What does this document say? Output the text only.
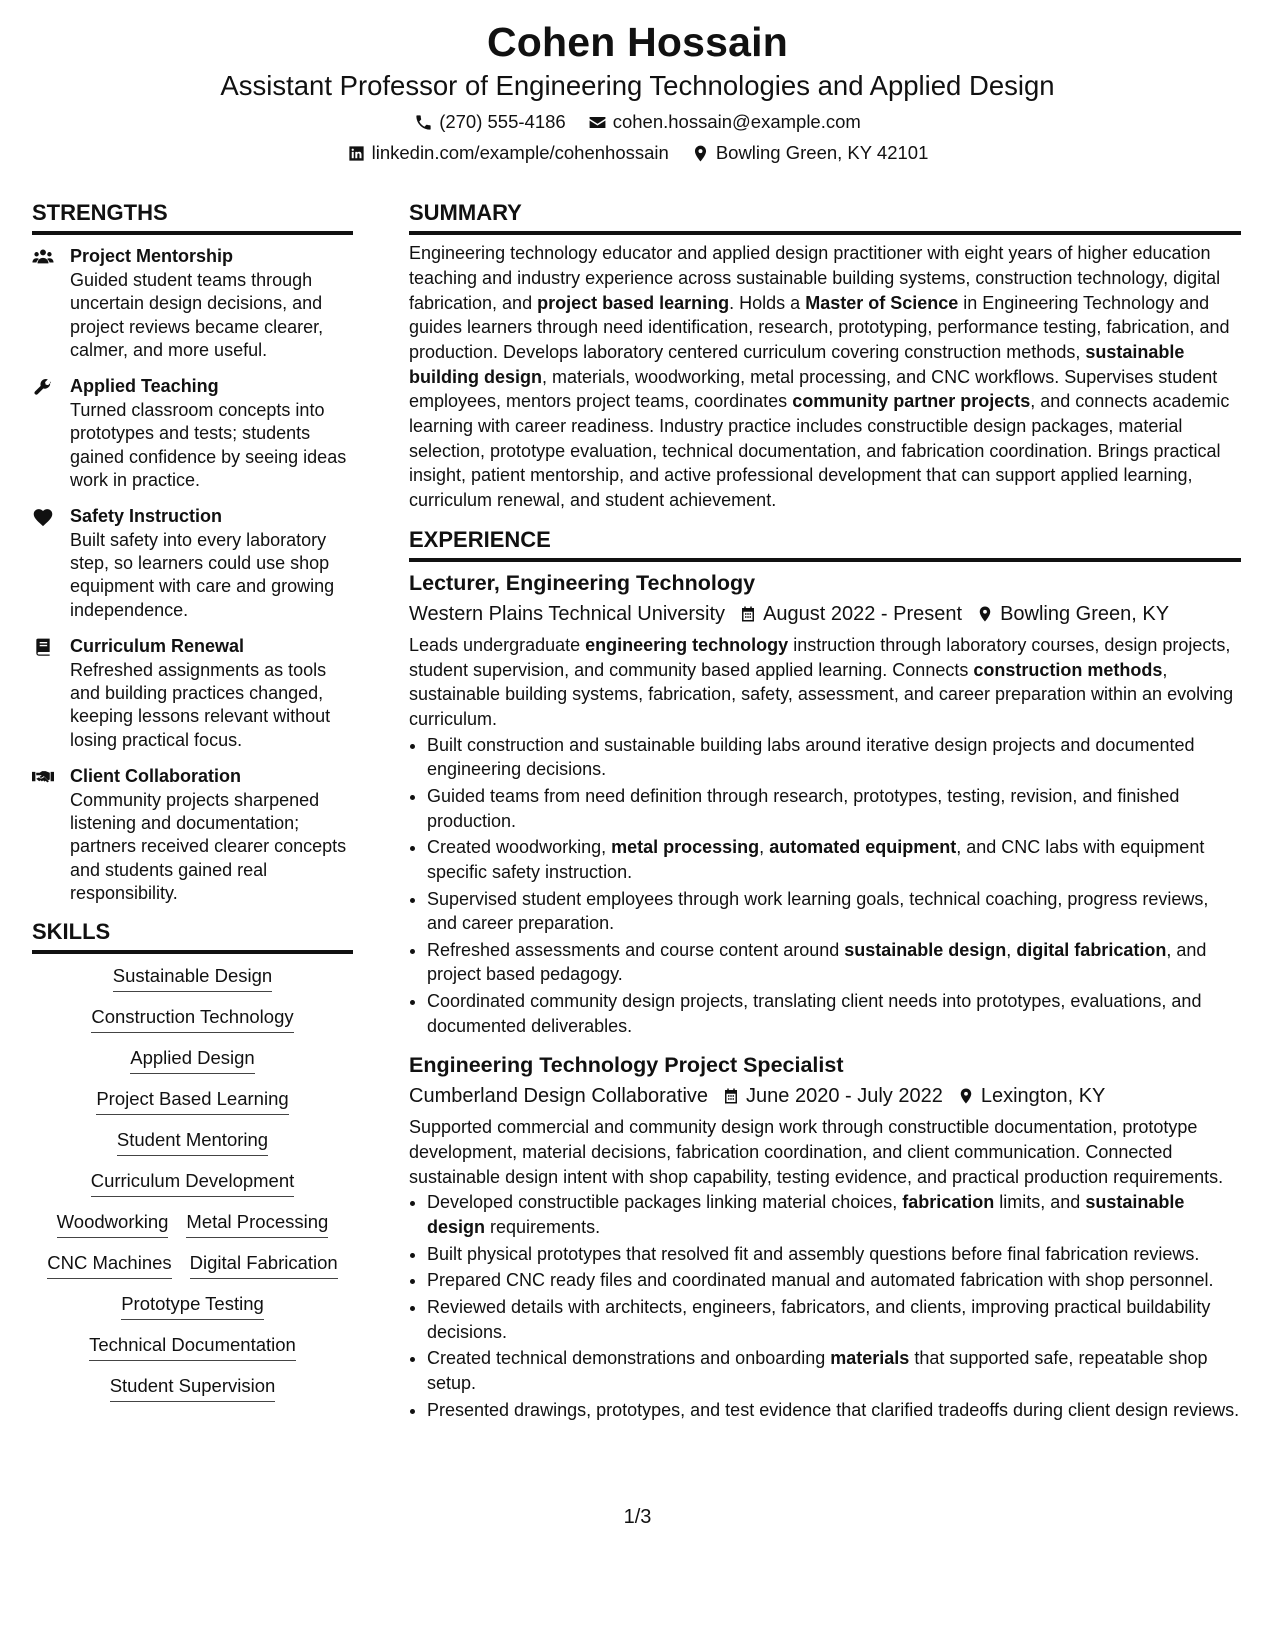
Cohen Hossain
Assistant Professor of Engineering Technologies and Applied Design
(270) 555-4186	cohen.hossain@example.com
linkedin.com/example/cohenhossain	Bowling Green, KY 42101
STRENGTHS
Project Mentorship
Guided student teams through uncertain design decisions, and project reviews became clearer, calmer, and more useful.
Applied Teaching
Turned classroom concepts into prototypes and tests; students gained confidence by seeing ideas work in practice.
Safety Instruction
Built safety into every laboratory step, so learners could use shop equipment with care and growing independence.
Curriculum Renewal
Refreshed assignments as tools and building practices changed, keeping lessons relevant without losing practical focus.
Client Collaboration
Community projects sharpened listening and documentation; partners received clearer concepts and students gained real responsibility.
SKILLS
Sustainable Design
Construction Technology
Applied Design
Project Based Learning
Student Mentoring
Curriculum Development
Woodworking Metal Processing
CNC Machines Digital Fabrication
Prototype Testing
Technical Documentation
Student Supervision
SUMMARY

Engineering technology educator and applied design practitioner with eight years of higher education teaching and industry experience across sustainable building systems, construction technology, digital fabrication, and project based learning. Holds a Master of Science in Engineering Technology and guides learners through need identification, research, prototyping, performance testing, fabrication, and production. Develops laboratory centered curriculum covering construction methods, sustainable building design, materials, woodworking, metal processing, and CNC workflows. Supervises student employees, mentors project teams, coordinates community partner projects, and connects academic learning with career readiness. Industry practice includes constructible design packages, material selection, prototype evaluation, technical documentation, and fabrication coordination. Brings practical insight, patient mentorship, and active professional development that can support applied learning, curriculum renewal, and student achievement.

EXPERIENCE
Lecturer, Engineering Technology
Western Plains Technical University August 2022 - Present Bowling Green, KY
Leads undergraduate engineering technology instruction through laboratory courses, design projects, student supervision, and community based applied learning. Connects construction methods, sustainable building systems, fabrication, safety, assessment, and career preparation within an evolving curriculum.
• Built construction and sustainable building labs around iterative design projects and documented engineering decisions.
• Guided teams from need definition through research, prototypes, testing, revision, and finished production.
• Created woodworking, metal processing, automated equipment, and CNC labs with equipment specific safety instruction.
• Supervised student employees through work learning goals, technical coaching, progress reviews, and career preparation.
• Refreshed assessments and course content around sustainable design, digital fabrication, and project based pedagogy.
• Coordinated community design projects, translating client needs into prototypes, evaluations, and documented deliverables.
Engineering Technology Project Specialist
Cumberland Design Collaborative June 2020 - July 2022 Lexington, KY
Supported commercial and community design work through constructible documentation, prototype development, material decisions, fabrication coordination, and client communication. Connected sustainable design intent with shop capability, testing evidence, and practical production requirements.
• Developed constructible packages linking material choices, fabrication limits, and sustainable design requirements.
• Built physical prototypes that resolved fit and assembly questions before final fabrication reviews.
• Prepared CNC ready files and coordinated manual and automated fabrication with shop personnel.
• Reviewed details with architects, engineers, fabricators, and clients, improving practical buildability decisions.
• Created technical demonstrations and onboarding materials that supported safe, repeatable shop setup.
• Presented drawings, prototypes, and test evidence that clarified tradeoffs during client design reviews.
1/3
